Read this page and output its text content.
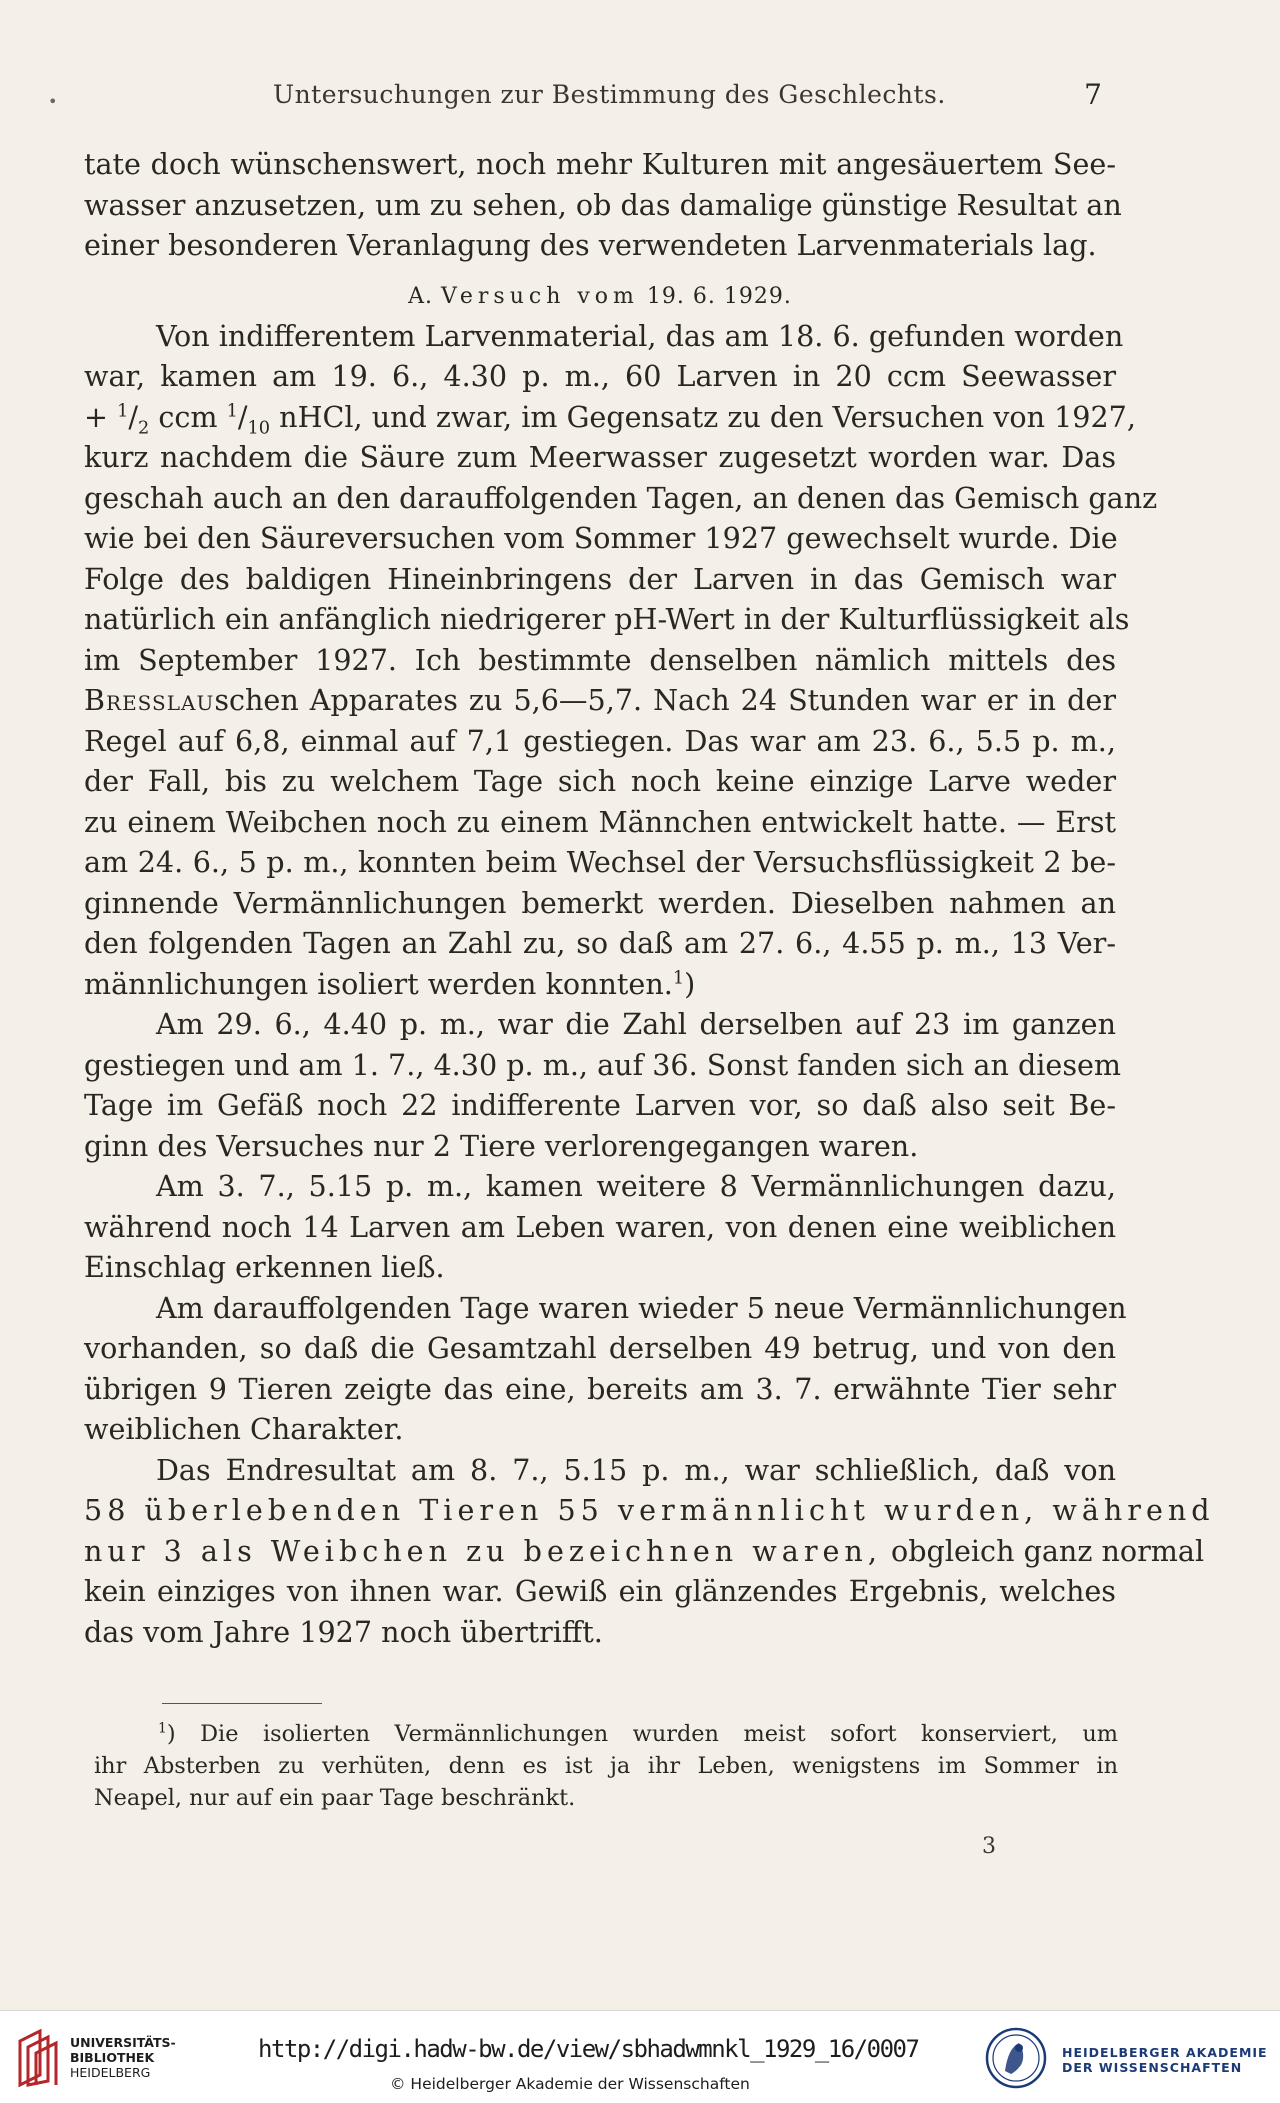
•	Untersuchungen zur Bestimmung des Geschlechts.	7
tate doch wünschenswert, noch mehr Kulturen mit angesäuertem See-
wasser anzusetzen, um zu sehen, ob das damalige günstige Resultat an
einer besonderen Veranlagung des verwendeten Larvenmaterials lag.
A. Versuch vom 19. 6. 1929.
Von indifferentem Larvenmaterial, das am 18. 6. gefunden worden
war, kamen am 19. 6., 4.30 p. m., 60 Larven in 20 ccm Seewasser
+ $^1/_2$ ccm $^1/_{10}$ nHCl, und zwar, im Gegensatz zu den Versuchen von 1927,
kurz nachdem die Säure zum Meerwasser zugesetzt worden war. Das
geschah auch an den darauffolgenden Tagen, an denen das Gemisch ganz
wie bei den Säureversuchen vom Sommer 1927 gewechselt wurde. Die
Folge des baldigen Hineinbringens der Larven in das Gemisch war
natürlich ein anfänglich niedrigerer pH-Wert in der Kulturflüssigkeit als
im September 1927. Ich bestimmte denselben nämlich mittels des
Bresslauschen Apparates zu 5,6—5,7. Nach 24 Stunden war er in der
Regel auf 6,8, einmal auf 7,1 gestiegen. Das war am 23. 6., 5.5 p. m.,
der Fall, bis zu welchem Tage sich noch keine einzige Larve weder
zu einem Weibchen noch zu einem Männchen entwickelt hatte. — Erst
am 24. 6., 5 p. m., konnten beim Wechsel der Versuchsflüssigkeit 2 be-
ginnende Vermännlichungen bemerkt werden. Dieselben nahmen an
den folgenden Tagen an Zahl zu, so daß am 27. 6., 4.55 p. m., 13 Ver-
männlichungen isoliert werden konnten.$^1$)
Am 29. 6., 4.40 p. m., war die Zahl derselben auf 23 im ganzen
gestiegen und am 1. 7., 4.30 p. m., auf 36. Sonst fanden sich an diesem
Tage im Gefäß noch 22 indifferente Larven vor, so daß also seit Be-
ginn des Versuches nur 2 Tiere verlorengegangen waren.
Am 3. 7., 5.15 p. m., kamen weitere 8 Vermännlichungen dazu,
während noch 14 Larven am Leben waren, von denen eine weiblichen
Einschlag erkennen ließ.
Am darauffolgenden Tage waren wieder 5 neue Vermännlichungen
vorhanden, so daß die Gesamtzahl derselben 49 betrug, und von den
übrigen 9 Tieren zeigte das eine, bereits am 3. 7. erwähnte Tier sehr
weiblichen Charakter.
Das Endresultat am 8. 7., 5.15 p. m., war schließlich, daß von
58 überlebenden Tieren 55 vermännlicht wurden, während
nur 3 als Weibchen zu bezeichnen waren, obgleich ganz normal
kein einziges von ihnen war. Gewiß ein glänzendes Ergebnis, welches
das vom Jahre 1927 noch übertrifft.
$^1$) Die isolierten Vermännlichungen wurden meist sofort konserviert, um
ihr Absterben zu verhüten, denn es ist ja ihr Leben, wenigstens im Sommer in
Neapel, nur auf ein paar Tage beschränkt.
3
UNIVERSITÄTS-
BIBLIOTHEK
HEIDELBERG
http://digi.hadw-bw.de/view/sbhadwmnkl_1929_16/0007
© Heidelberger Akademie der Wissenschaften
HEIDELBERGER AKADEMIE
DER WISSENSCHAFTEN
